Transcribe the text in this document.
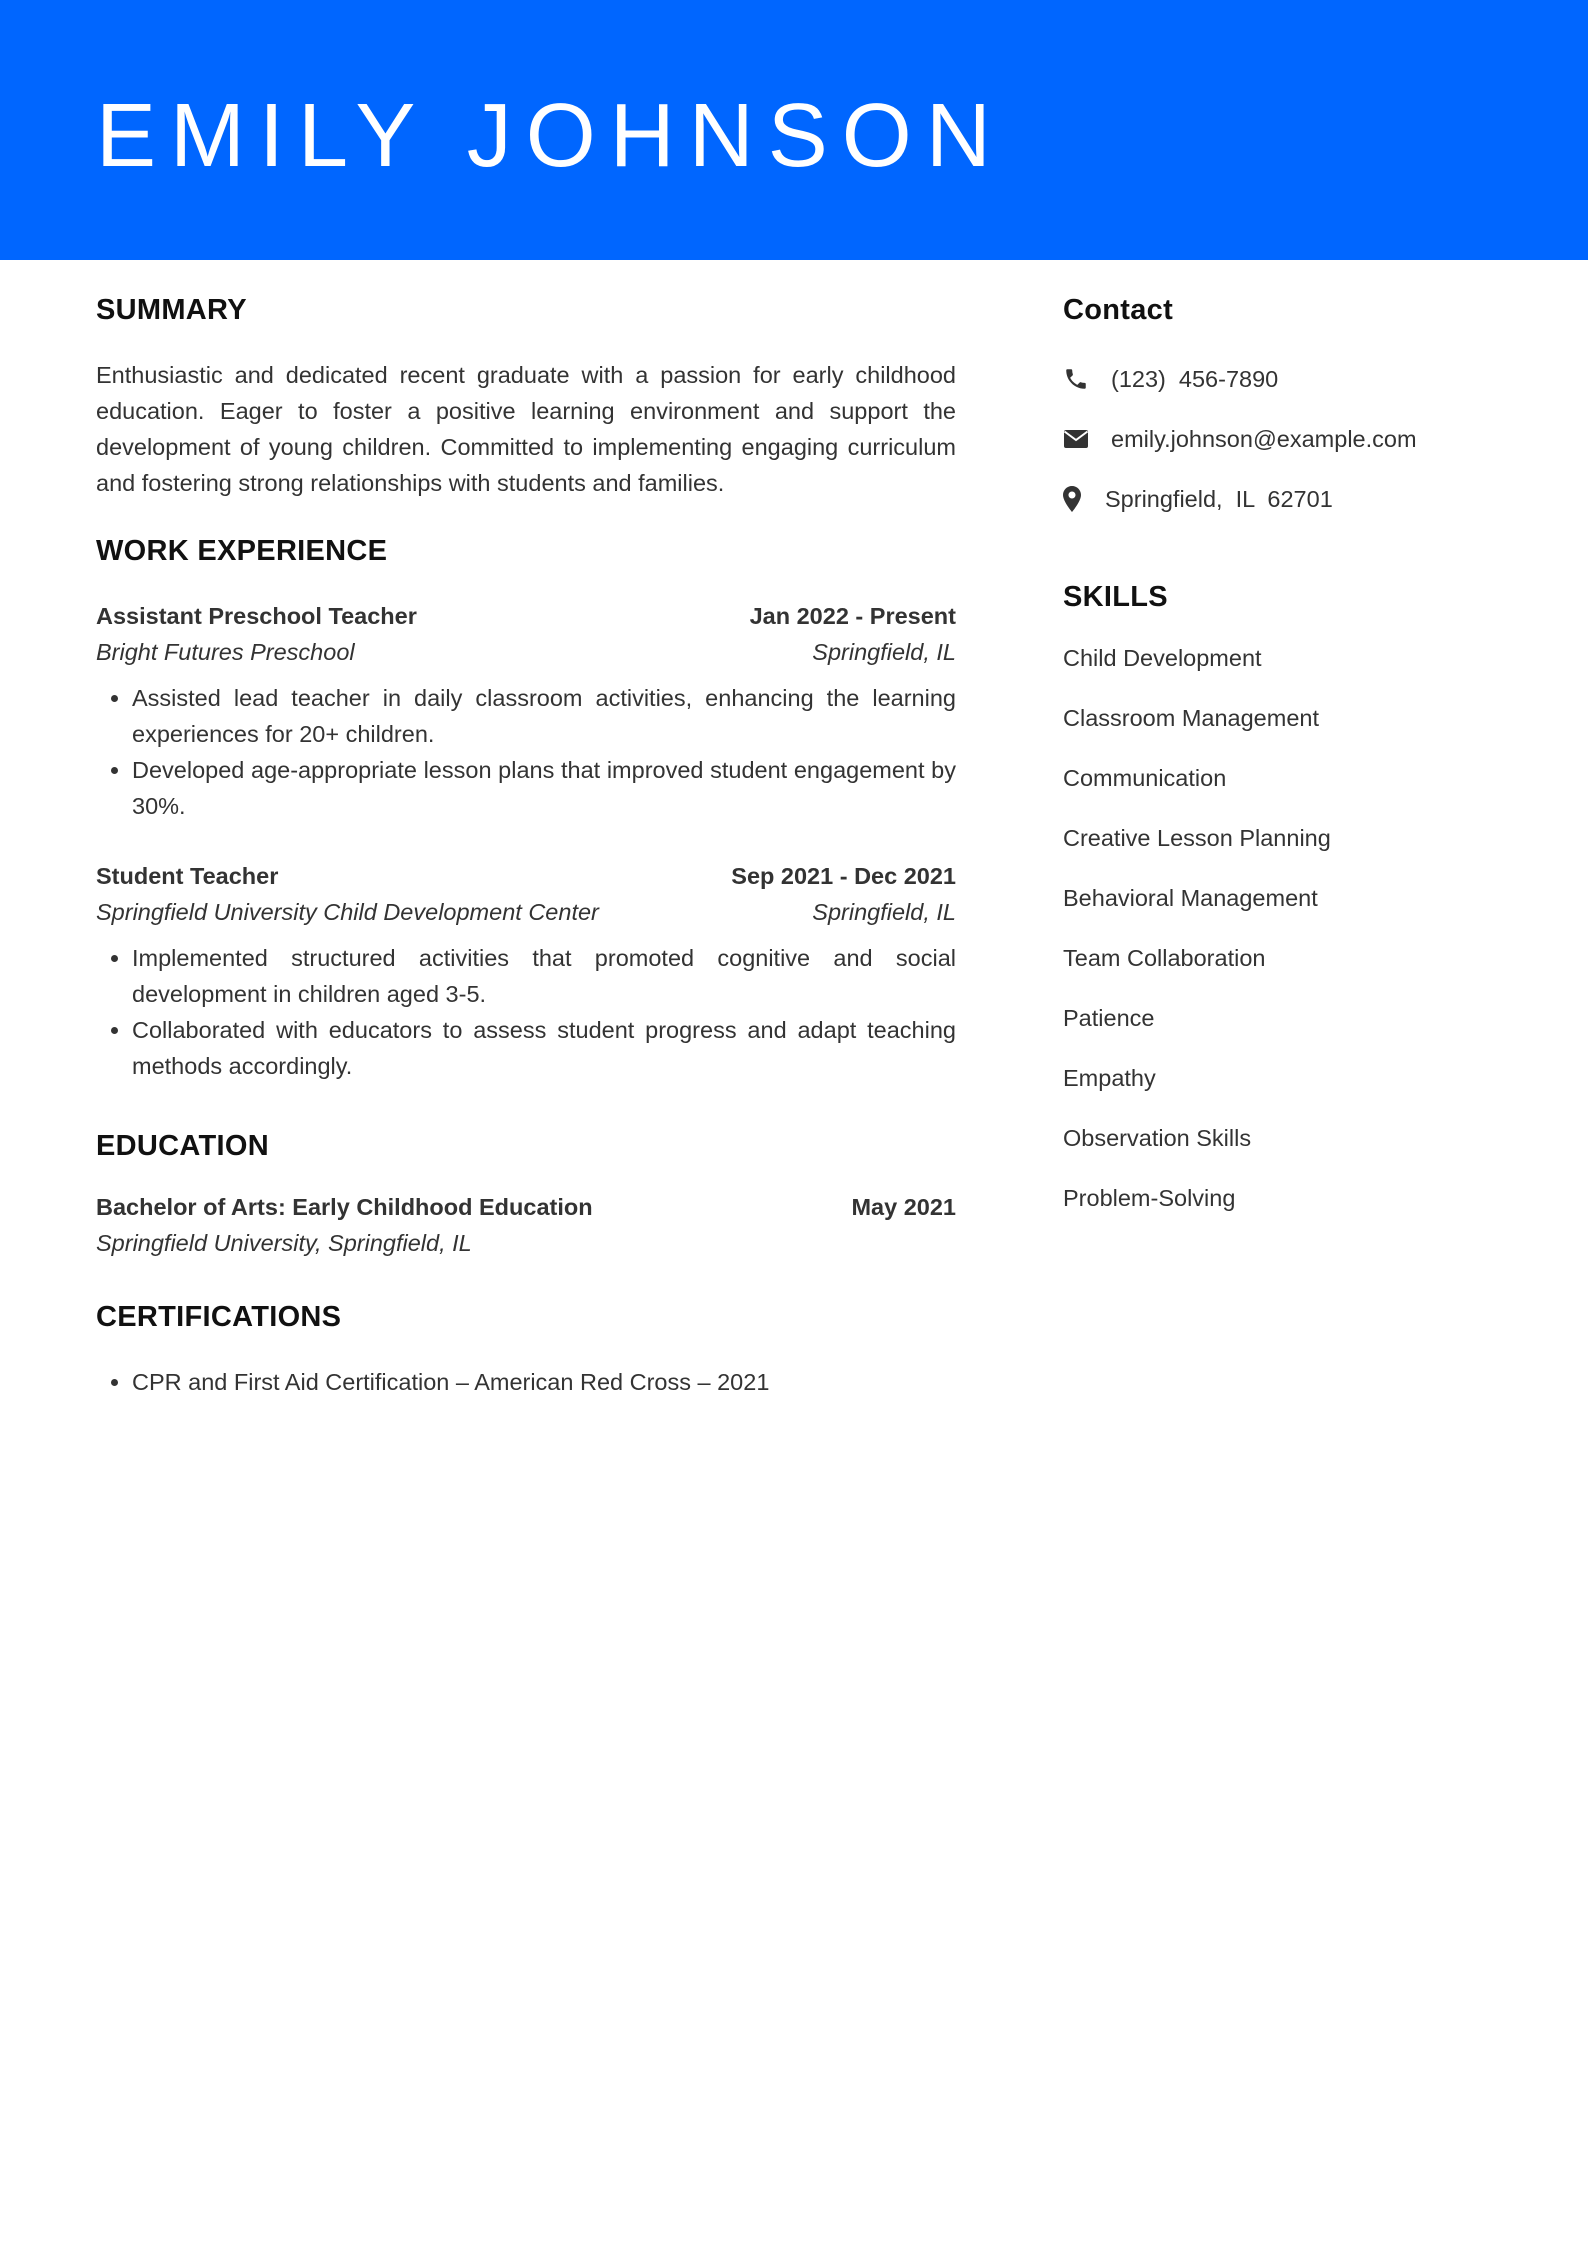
EMILY JOHNSON
SUMMARY
Enthusiastic and dedicated recent graduate with a passion for early childhood education. Eager to foster a positive learning environment and support the development of young children. Committed to implementing engaging curriculum and fostering strong relationships with students and families.
WORK EXPERIENCE
Assistant Preschool Teacher	Jan 2022 - Present
Bright Futures Preschool	Springfield, IL
• Assisted lead teacher in daily classroom activities, enhancing the learning experiences for 20+ children.
• Developed age-appropriate lesson plans that improved student engagement by 30%.
Student Teacher	Sep 2021 - Dec 2021
Springfield University Child Development Center	Springfield, IL
• Implemented structured activities that promoted cognitive and social development in children aged 3-5.
• Collaborated with educators to assess student progress and adapt teaching methods accordingly.
EDUCATION
Bachelor of Arts: Early Childhood Education	May 2021
Springfield University, Springfield, IL
CERTIFICATIONS
• CPR and First Aid Certification – American Red Cross – 2021
Contact
(123)  456-7890
emily.johnson@example.com
Springfield,  IL  62701
SKILLS
Child Development
Classroom Management
Communication
Creative Lesson Planning
Behavioral Management
Team Collaboration
Patience
Empathy
Observation Skills
Problem-Solving
